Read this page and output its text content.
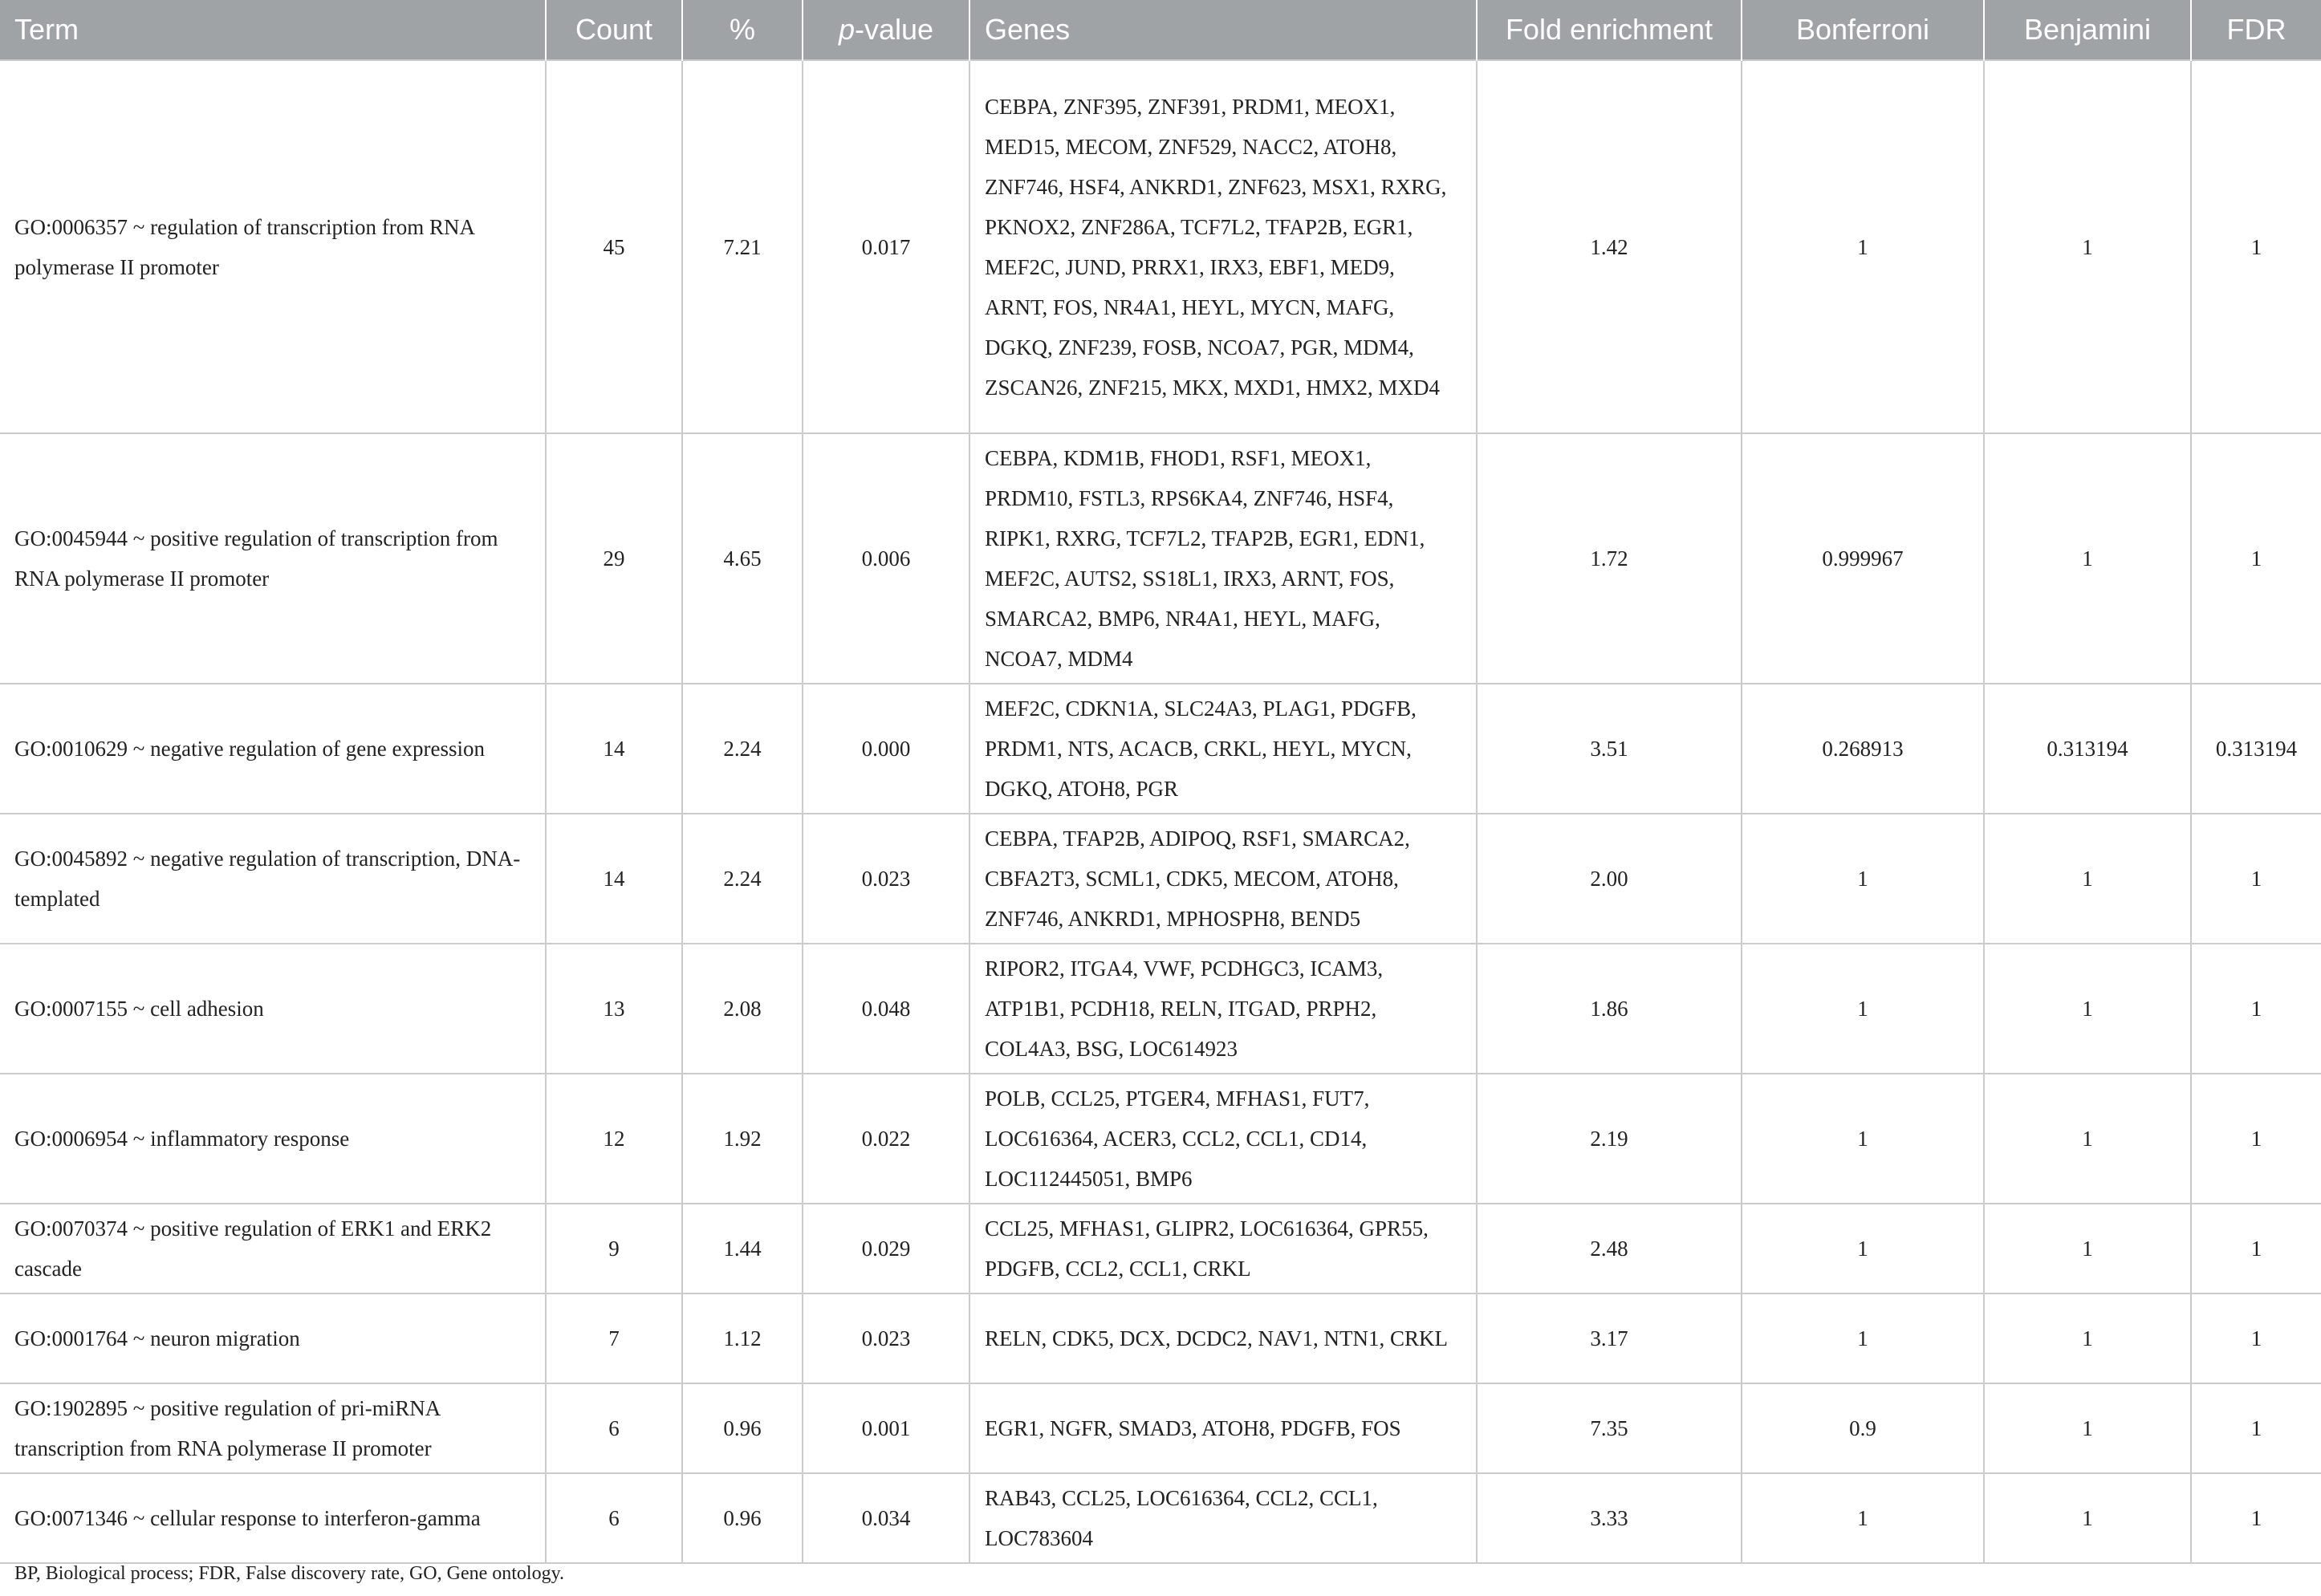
Term	Count	%	p-value	Genes	Fold enrichment	Bonferroni	Benjamini	FDR
GO:0006357 ~ regulation of transcription from RNA polymerase II promoter	45	7.21	0.017	CEBPA, ZNF395, ZNF391, PRDM1, MEOX1, MED15, MECOM, ZNF529, NACC2, ATOH8, ZNF746, HSF4, ANKRD1, ZNF623, MSX1, RXRG, PKNOX2, ZNF286A, TCF7L2, TFAP2B, EGR1, MEF2C, JUND, PRRX1, IRX3, EBF1, MED9, ARNT, FOS, NR4A1, HEYL, MYCN, MAFG, DGKQ, ZNF239, FOSB, NCOA7, PGR, MDM4, ZSCAN26, ZNF215, MKX, MXD1, HMX2, MXD4	1.42	1	1	1
GO:0045944 ~ positive regulation of transcription from RNA polymerase II promoter	29	4.65	0.006	CEBPA, KDM1B, FHOD1, RSF1, MEOX1, PRDM10, FSTL3, RPS6KA4, ZNF746, HSF4, RIPK1, RXRG, TCF7L2, TFAP2B, EGR1, EDN1, MEF2C, AUTS2, SS18L1, IRX3, ARNT, FOS, SMARCA2, BMP6, NR4A1, HEYL, MAFG, NCOA7, MDM4	1.72	0.999967	1	1
GO:0010629 ~ negative regulation of gene expression	14	2.24	0.000	MEF2C, CDKN1A, SLC24A3, PLAG1, PDGFB, PRDM1, NTS, ACACB, CRKL, HEYL, MYCN, DGKQ, ATOH8, PGR	3.51	0.268913	0.313194	0.313194
GO:0045892 ~ negative regulation of transcription, DNA-templated	14	2.24	0.023	CEBPA, TFAP2B, ADIPOQ, RSF1, SMARCA2, CBFA2T3, SCML1, CDK5, MECOM, ATOH8, ZNF746, ANKRD1, MPHOSPH8, BEND5	2.00	1	1	1
GO:0007155 ~ cell adhesion	13	2.08	0.048	RIPOR2, ITGA4, VWF, PCDHGC3, ICAM3, ATP1B1, PCDH18, RELN, ITGAD, PRPH2, COL4A3, BSG, LOC614923	1.86	1	1	1
GO:0006954 ~ inflammatory response	12	1.92	0.022	POLB, CCL25, PTGER4, MFHAS1, FUT7, LOC616364, ACER3, CCL2, CCL1, CD14, LOC112445051, BMP6	2.19	1	1	1
GO:0070374 ~ positive regulation of ERK1 and ERK2 cascade	9	1.44	0.029	CCL25, MFHAS1, GLIPR2, LOC616364, GPR55, PDGFB, CCL2, CCL1, CRKL	2.48	1	1	1
GO:0001764 ~ neuron migration	7	1.12	0.023	RELN, CDK5, DCX, DCDC2, NAV1, NTN1, CRKL	3.17	1	1	1
GO:1902895 ~ positive regulation of pri-miRNA transcription from RNA polymerase II promoter	6	0.96	0.001	EGR1, NGFR, SMAD3, ATOH8, PDGFB, FOS	7.35	0.9	1	1
GO:0071346 ~ cellular response to interferon-gamma	6	0.96	0.034	RAB43, CCL25, LOC616364, CCL2, CCL1, LOC783604	3.33	1	1	1
BP, Biological process; FDR, False discovery rate, GO, Gene ontology.
